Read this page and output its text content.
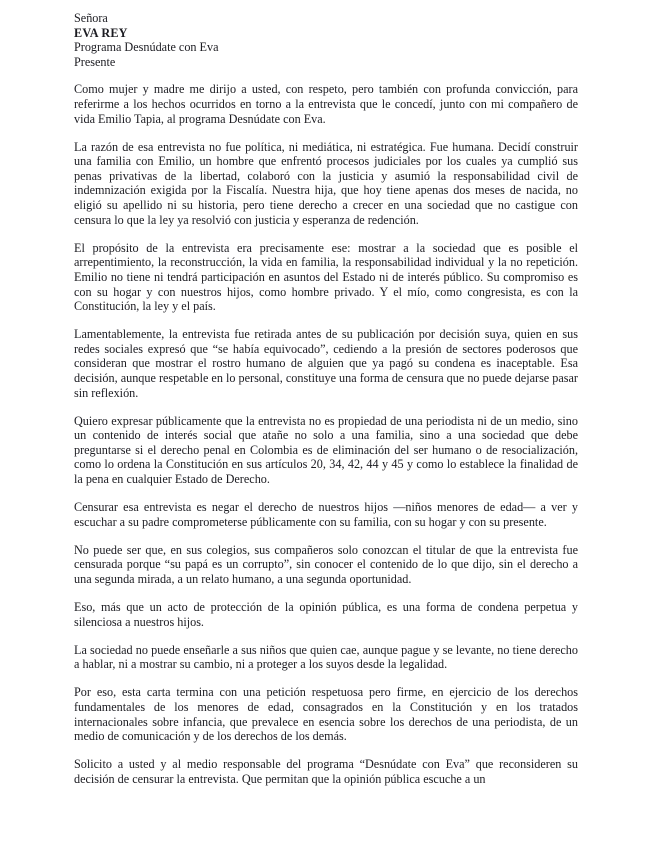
Señora
EVA REY
Programa Desnúdate con Eva
Presente

Como mujer y madre me dirijo a usted, con respeto, pero también con profunda convicción, para referirme a los hechos ocurridos en torno a la entrevista que le concedí, junto con mi compañero de vida Emilio Tapia, al programa Desnúdate con Eva.

La razón de esa entrevista no fue política, ni mediática, ni estratégica. Fue humana. Decidí construir una familia con Emilio, un hombre que enfrentó procesos judiciales por los cuales ya cumplió sus penas privativas de la libertad, colaboró con la justicia y asumió la responsabilidad civil de indemnización exigida por la Fiscalía. Nuestra hija, que hoy tiene apenas dos meses de nacida, no eligió su apellido ni su historia, pero tiene derecho a crecer en una sociedad que no castigue con censura lo que la ley ya resolvió con justicia y esperanza de redención.

El propósito de la entrevista era precisamente ese: mostrar a la sociedad que es posible el arrepentimiento, la reconstrucción, la vida en familia, la responsabilidad individual y la no repetición. Emilio no tiene ni tendrá participación en asuntos del Estado ni de interés público. Su compromiso es con su hogar y con nuestros hijos, como hombre privado. Y el mío, como congresista, es con la Constitución, la ley y el país.

Lamentablemente, la entrevista fue retirada antes de su publicación por decisión suya, quien en sus redes sociales expresó que “se había equivocado”, cediendo a la presión de sectores poderosos que consideran que mostrar el rostro humano de alguien que ya pagó su condena es inaceptable. Esa decisión, aunque respetable en lo personal, constituye una forma de censura que no puede dejarse pasar sin reflexión.

Quiero expresar públicamente que la entrevista no es propiedad de una periodista ni de un medio, sino un contenido de interés social que atañe no solo a una familia, sino a una sociedad que debe preguntarse si el derecho penal en Colombia es de eliminación del ser humano o de resocialización, como lo ordena la Constitución en sus artículos 20, 34, 42, 44 y 45 y como lo establece la finalidad de la pena en cualquier Estado de Derecho.

Censurar esa entrevista es negar el derecho de nuestros hijos —niños menores de edad— a ver y escuchar a su padre comprometerse públicamente con su familia, con su hogar y con su presente.

No puede ser que, en sus colegios, sus compañeros solo conozcan el titular de que la entrevista fue censurada porque “su papá es un corrupto”, sin conocer el contenido de lo que dijo, sin el derecho a una segunda mirada, a un relato humano, a una segunda oportunidad.

Eso, más que un acto de protección de la opinión pública, es una forma de condena perpetua y silenciosa a nuestros hijos.

La sociedad no puede enseñarle a sus niños que quien cae, aunque pague y se levante, no tiene derecho a hablar, ni a mostrar su cambio, ni a proteger a los suyos desde la legalidad.

Por eso, esta carta termina con una petición respetuosa pero firme, en ejercicio de los derechos fundamentales de los menores de edad, consagrados en la Constitución y en los tratados internacionales sobre infancia, que prevalece en esencia sobre los derechos de una periodista, de un medio de comunicación y de los derechos de los demás.

Solicito a usted y al medio responsable del programa “Desnúdate con Eva” que reconsideren su decisión de censurar la entrevista. Que permitan que la opinión pública escuche a un
